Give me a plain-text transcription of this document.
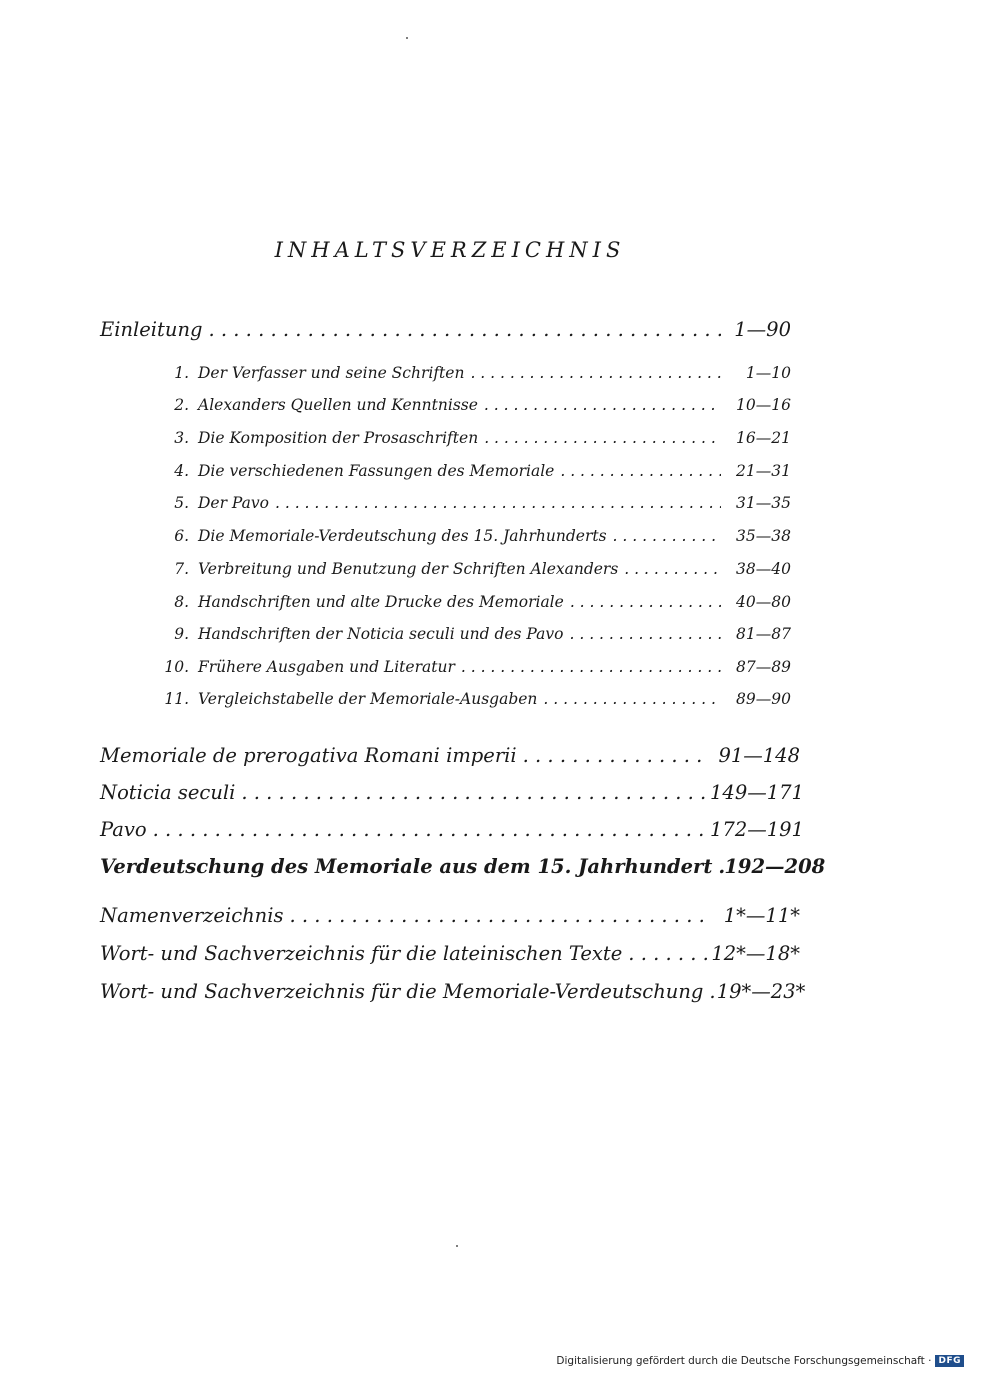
INHALTSVERZEICHNIS
Einleitung . . .	1—90
1. Der Verfasser und seine Schriften . . .	1—10
2. Alexanders Quellen und Kenntnisse . . .	10—16
3. Die Komposition der Prosaschriften . . .	16—21
4. Die verschiedenen Fassungen des Memoriale . . .	21—31
5. Der Pavo . . .	31—35
6. Die Memoriale-Verdeutschung des 15. Jahrhunderts . . .	35—38
7. Verbreitung und Benutzung der Schriften Alexanders . . .	38—40
8. Handschriften und alte Drucke des Memoriale . . .	40—80
9. Handschriften der Noticia seculi und des Pavo . . .	81—87
10. Frühere Ausgaben und Literatur . . .	87—89
11. Vergleichstabelle der Memoriale-Ausgaben . . .	89—90
Memoriale de prerogativa Romani imperii . . .	91—148
Noticia seculi . . .	149—171
Pavo . . .	172—191
Verdeutschung des Memoriale aus dem 15. Jahrhundert . . . 192—208
Namenverzeichnis . . .	1*—11*
Wort- und Sachverzeichnis für die lateinischen Texte . . .	12*—18*
Wort- und Sachverzeichnis für die Memoriale-Verdeutschung . . . 19*—23*
Digitalisierung gefördert durch die Deutsche Forschungsgemeinschaft · DFG
